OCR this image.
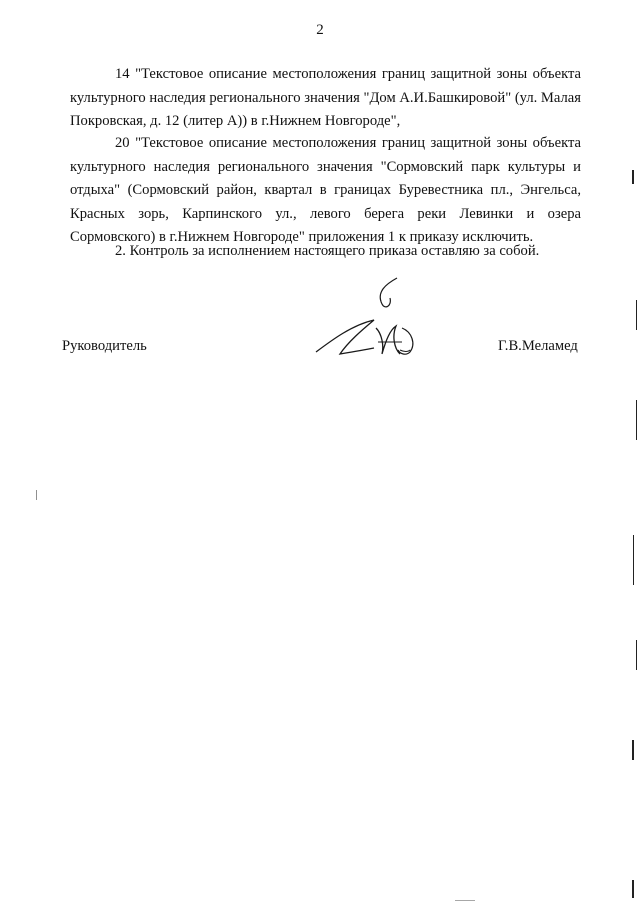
2

14 "Текстовое описание местоположения границ защитной зоны объекта культурного наследия регионального значения "Дом А.И.Башкировой" (ул. Малая Покровская, д. 12 (литер А)) в г.Нижнем Новгороде",

20 "Текстовое описание местоположения границ защитной зоны объекта культурного наследия регионального значения "Сормовский парк культуры и отдыха" (Сормовский район, квартал в границах Буревестника пл., Энгельса, Красных зорь, Карпинского ул., левого берега реки Левинки и озера Сормовского) в г.Нижнем Новгороде" приложения 1 к приказу исключить.

2. Контроль за исполнением настоящего приказа оставляю за собой.

Руководитель	Г.В.Меламед
